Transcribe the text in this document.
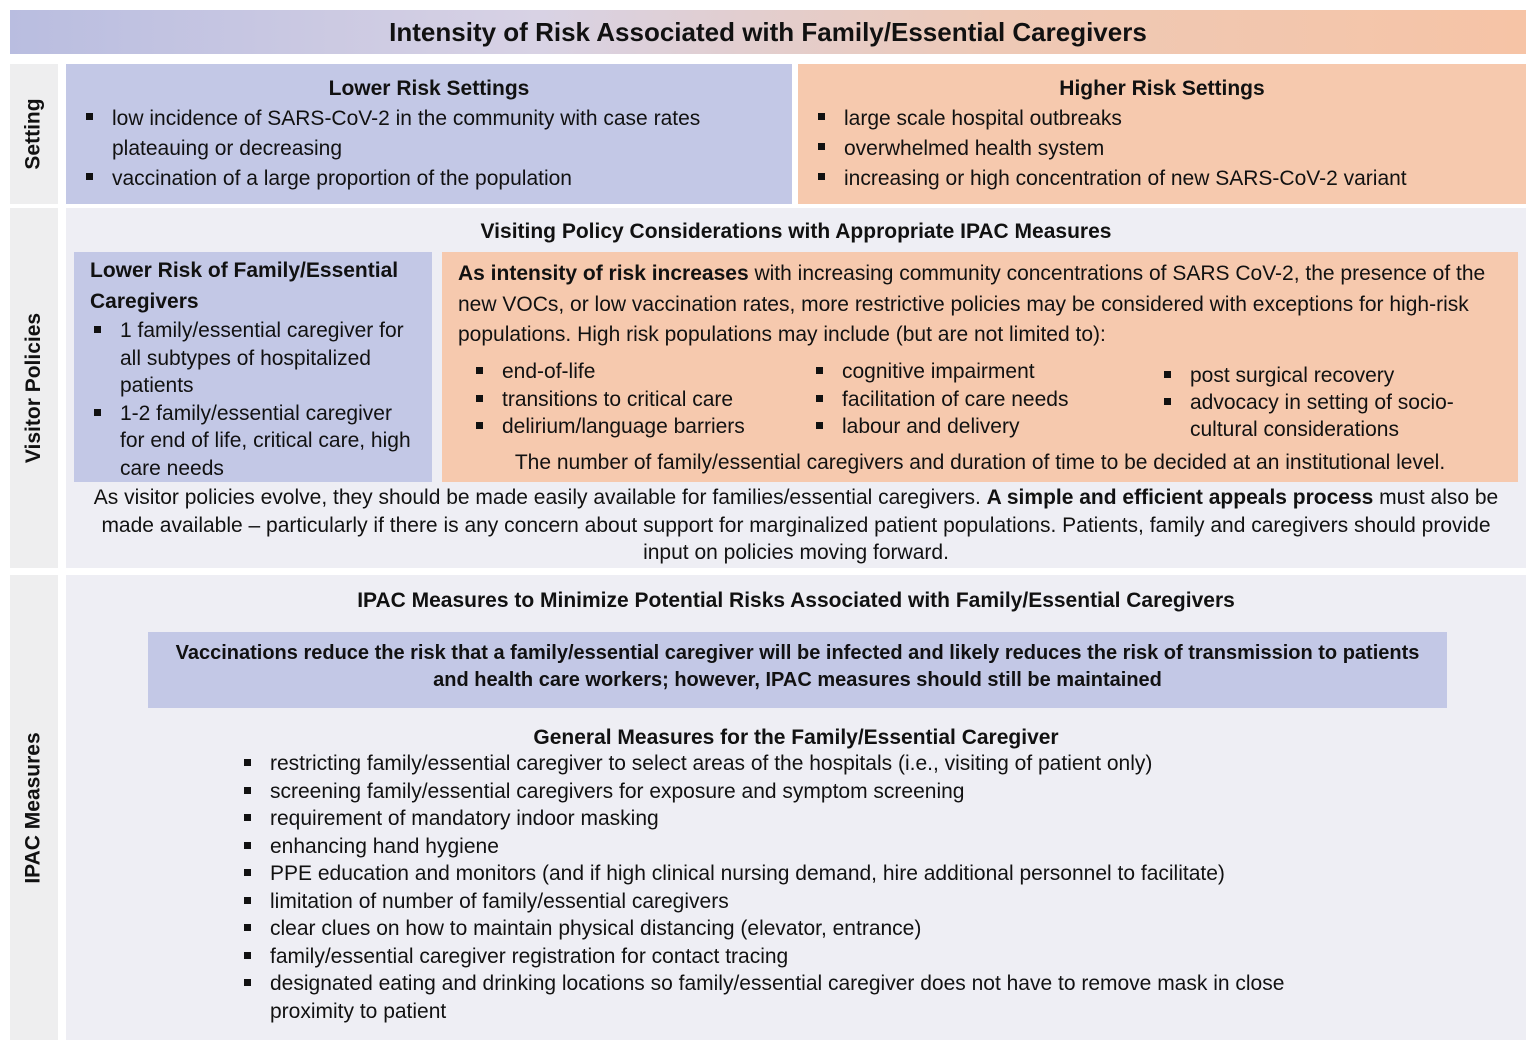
Intensity of Risk Associated with Family/Essential Caregivers
Setting
Visitor Policies
IPAC Measures
Lower Risk Settings
low incidence of SARS-CoV-2 in the community with case rates plateauing or decreasing
vaccination of a large proportion of the population
Higher Risk Settings
large scale hospital outbreaks
overwhelmed health system
increasing or high concentration of new SARS-CoV-2 variant
Visiting Policy Considerations with Appropriate IPAC Measures
Lower Risk of Family/Essential Caregivers
1 family/essential caregiver for all subtypes of hospitalized patients
1-2 family/essential caregiver for end of life, critical care, high care needs
As intensity of risk increases with increasing community concentrations of SARS CoV-2, the presence of the new VOCs, or low vaccination rates, more restrictive policies may be considered with exceptions for high-risk populations. High risk populations may include (but are not limited to):
end-of-life
transitions to critical care
delirium/language barriers
cognitive impairment
facilitation of care needs
labour and delivery
post surgical recovery
advocacy in setting of socio-cultural considerations
The number of family/essential caregivers and duration of time to be decided at an institutional level.
As visitor policies evolve, they should be made easily available for families/essential caregivers. A simple and efficient appeals process must also be made available – particularly if there is any concern about support for marginalized patient populations. Patients, family and caregivers should provide input on policies moving forward.
IPAC Measures to Minimize Potential Risks Associated with Family/Essential Caregivers
Vaccinations reduce the risk that a family/essential caregiver will be infected and likely reduces the risk of transmission to patients and health care workers; however, IPAC measures should still be maintained
General Measures for the Family/Essential Caregiver
restricting family/essential caregiver to select areas of the hospitals (i.e., visiting of patient only)
screening family/essential caregivers for exposure and symptom screening
requirement of mandatory indoor masking
enhancing hand hygiene
PPE education and monitors (and if high clinical nursing demand, hire additional personnel to facilitate)
limitation of number of family/essential caregivers
clear clues on how to maintain physical distancing (elevator, entrance)
family/essential caregiver registration for contact tracing
designated eating and drinking locations so family/essential caregiver does not have to remove mask in close proximity to patient
